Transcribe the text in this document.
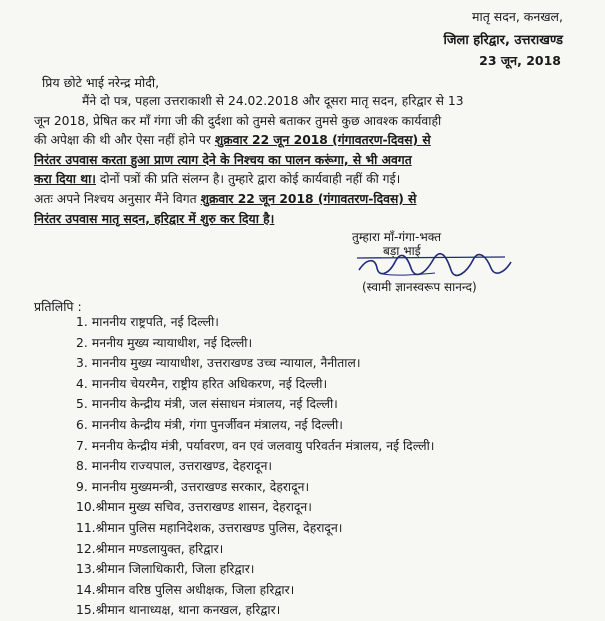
मातृ सदन, कनखल,
जिला हरिद्वार, उत्तराखण्ड
23 जून, 2018
प्रिय छोटे भाई नरेन्द्र मोदी,
मैंने दो पत्र, पहला उत्तराकाशी से 24.02.2018 और दूसरा मातृ सदन, हरिद्वार से 13
जून 2018, प्रेषित कर माँ गंगा जी की दुर्दशा को तुमसे बताकर तुमसे कुछ आवश्क कार्यवाही
की अपेक्षा की थी और ऐसा नहीं होने पर शुक्रवार 22 जून 2018 (गंगावतरण-दिवस) से
निरंतर उपवास करता हुआ प्राण त्याग देने के निश्चय का पालन करूंगा, से भी अवगत
करा दिया था। दोनों पत्रों की प्रति संलग्न है। तुम्हारे द्वारा कोई कार्यवाही नहीं की गई।
अतः अपने निश्चय अनुसार मैंने विगत शुक्रवार 22 जून 2018 (गंगावतरण-दिवस) से
निरंतर उपवास मातृ सदन, हरिद्वार में शुरु कर दिया है।
तुम्हारा माँ-गंगा-भक्त
बड़ा भाई
(स्वामी ज्ञानस्वरूप सानन्द)
प्रतिलिपि :
1. माननीय राष्ट्रपति, नई दिल्ली।
2. मननीय मुख्य न्यायाधीश, नई दिल्ली।
3. माननीय मुख्य न्यायाधीश, उत्तराखण्ड उच्च न्यायाल, नैनीताल।
4. माननीय चेयरमैन, राष्ट्रीय हरित अधिकरण, नई दिल्ली।
5. माननीय केन्द्रीय मंत्री, जल संसाधन मंत्रालय, नई दिल्ली।
6. माननीय केन्द्रीय मंत्री, गंगा पुनर्जीवन मंत्रालय, नई दिल्ली।
7. मननीय केन्द्रीय मंत्री, पर्यावरण, वन एवं जलवायु परिवर्तन मंत्रालय, नई दिल्ली।
8. माननीय राज्यपाल, उत्तराखण्ड, देहरादून।
9. माननीय मुख्यमन्त्री, उत्तराखण्ड सरकार, देहरादून।
10.श्रीमान मुख्य सचिव, उत्तराखण्ड शासन, देहरादून।
11.श्रीमान पुलिस महानिदेशक, उत्तराखण्ड पुलिस, देहरादून।
12.श्रीमान मण्डलायुक्त, हरिद्वार।
13.श्रीमान जिलाधिकारी, जिला हरिद्वार।
14.श्रीमान वरिष्ठ पुलिस अधीक्षक, जिला हरिद्वार।
15.श्रीमान थानाध्यक्ष, थाना कनखल, हरिद्वार।
